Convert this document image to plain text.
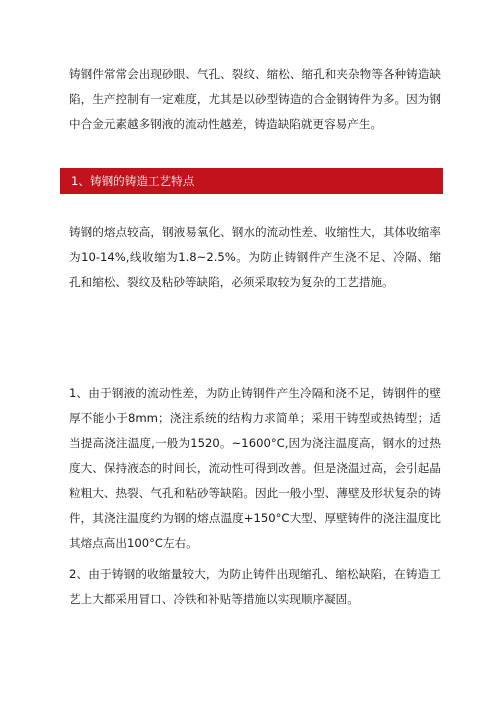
铸钢件常常会出现砂眼、气孔、裂纹、缩松、缩孔和夹杂物等各种铸造缺陷，生产控制有一定难度，尤其是以砂型铸造的合金钢铸件为多。因为钢中合金元素越多钢液的流动性越差，铸造缺陷就更容易产生。

1、铸钢的铸造工艺特点

铸钢的熔点较高，钢液易氧化、钢水的流动性差、收缩性大，其体收缩率为10-14%,线收缩为1.8~2.5%。为防止铸钢件产生浇不足、冷隔、缩孔和缩松、裂纹及粘砂等缺陷，必须采取较为复杂的工艺措施。

1、由于钢液的流动性差，为防止铸钢件产生冷隔和浇不足，铸钢件的壁厚不能小于8mm；浇注系统的结构力求简单；采用干铸型或热铸型；适当提高浇注温度,一般为1520。~1600°C,因为浇注温度高，钢水的过热度大、保持液态的时间长，流动性可得到改善。但是浇温过高，会引起晶粒粗大、热裂、气孔和粘砂等缺陷。因此一般小型、薄壁及形状复杂的铸件，其浇注温度约为钢的熔点温度+150°C大型、厚壁铸件的浇注温度比其熔点高出100°C左右。

2、由于铸钢的收缩量较大，为防止铸件出现缩孔、缩松缺陷，在铸造工艺上大都采用冒口、冷铁和补贴等措施以实现顺序凝固。
